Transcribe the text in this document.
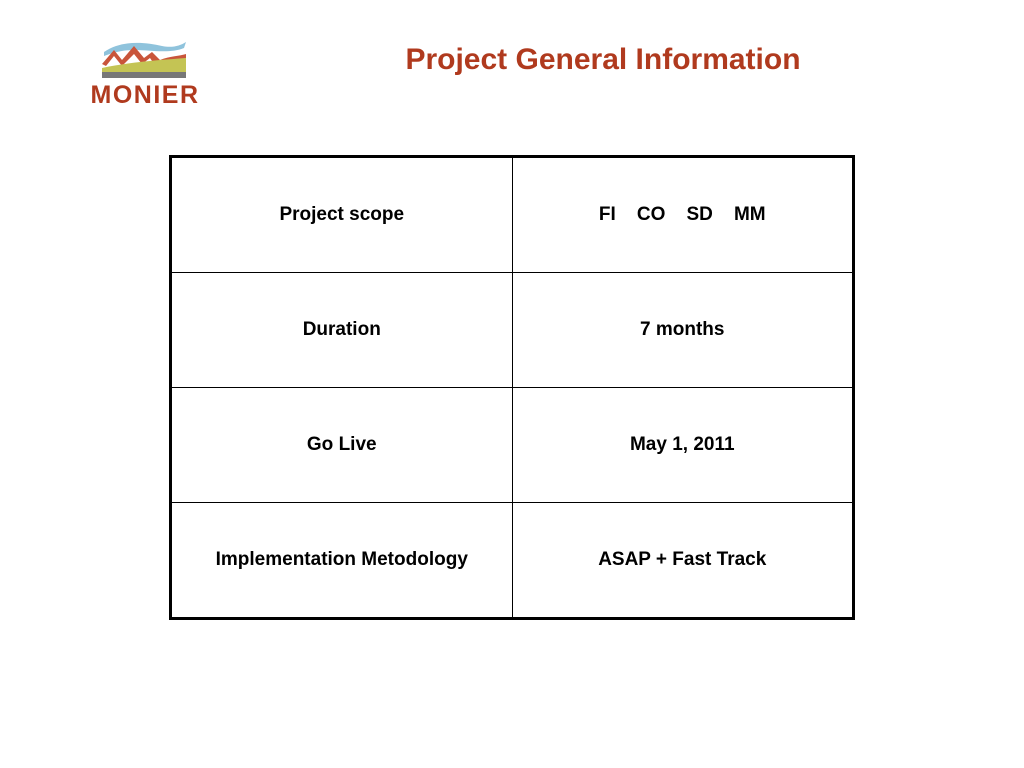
MONIER
Project General Information
Project scope	FI    CO    SD    MM
Duration	7 months
Go Live	May 1, 2011
Implementation Metodology	ASAP + Fast Track
